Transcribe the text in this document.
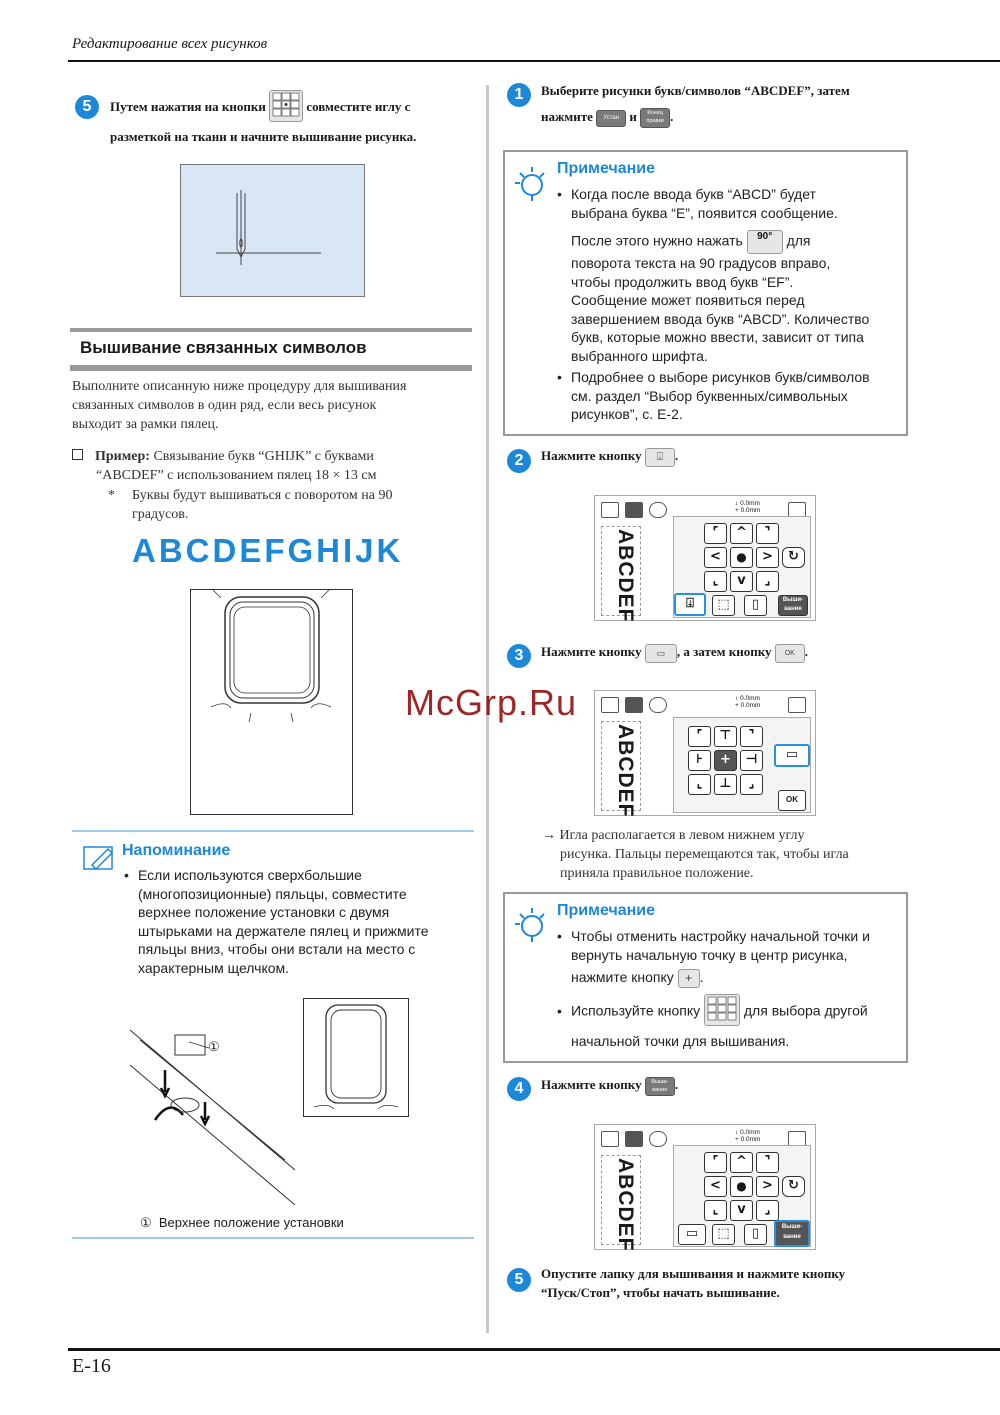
Редактирование всех рисунков
5	Путем нажатия на кнопки	совместите иглу с
разметкой на ткани и начните вышивание рисунка.
Вышивание связанных символов
Выполните описанную ниже процедуру для вышивания
связанных символов в один ряд, если весь рисунок
выходит за рамки пялец.
Пример: Связывание букв “GHIJK” с буквами
“ABCDEF” с использованием пялец 18 × 13 см
* Буквы будут вышиваться с поворотом на 90
градусов.
ABCDEFGHIJK
Напоминание

• Если используются сверхбольшие

(многопозиционные) пяльцы, совместите

верхнее положение установки с двумя

штырьками на держателе пялец и прижмите

пяльцы вниз, чтобы они встали на место с

характерным щелчком.

①
① Верхнее положение установки
1	Выберите рисунки букв/символов “ABCDEF”, затем
нажмите Устан и Конец правки .
Примечание

• Когда после ввода букв “ABCD” будет

выбрана буква “E”, появится сообщение.

После этого нужно нажать 90° для

поворота текста на 90 градусов вправо,

чтобы продолжить ввод букв “EF”.

Сообщение может появиться перед

завершением ввода букв “ABCD”. Количество

букв, которые можно ввести, зависит от типа

выбранного шрифта.

• Подробнее о выборе рисунков букв/символов

см. раздел “Выбор буквенных/символьных

рисунков”, с. E-2.

2	Нажмите кнопку ⍗ .
↕ 0.0mm
+ 0.0mm
ABCDEF	⌜	^	⌝
<	●	>	↻
⌞	v	⌟
⍗	⬚	▯	Выши- вание
3	Нажмите кнопку ▭ , а затем кнопку OK .
↕ 0.0mm
+ 0.0mm
ABCDEF	⌜	⊤	⌝
⊦	+	⊣
⌞	⊥	⌟
▭
OK
→ Игла располагается в левом нижнем углу
рисунка. Пальцы перемещаются так, чтобы игла
приняла правильное положение.
Примечание

• Чтобы отменить настройку начальной точки и

вернуть начальную точку в центр рисунка,

нажмите кнопку + .

• Используйте кнопку	для выбора другой

начальной точки для вышивания.

4	Нажмите кнопку Выши- вание .
↕ 0.0mm
+ 0.0mm
ABCDEF	⌜	^	⌝
<	●	>	↻
⌞	v	⌟
▭	⬚	▯	Выши- вание
5	Опустите лапку для вышивания и нажмите кнопку
“Пуск/Стоп”, чтобы начать вышивание.
McGrp.Ru
E-16
